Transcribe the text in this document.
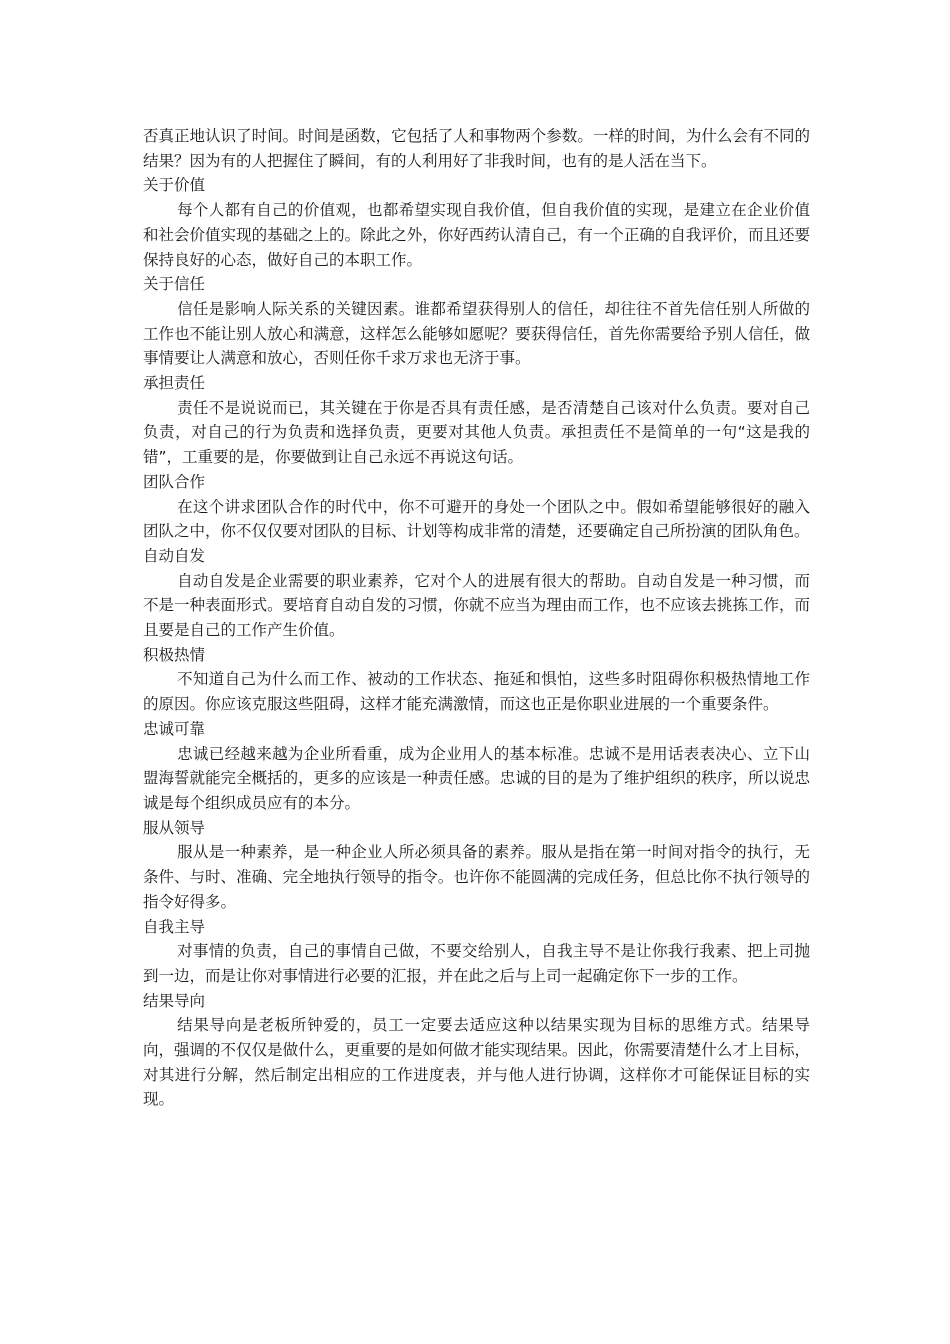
否真正地认识了时间。时间是函数，它包括了人和事物两个参数。一样的时间，为什么会有不同的结果？因为有的人把握住了瞬间，有的人利用好了非我时间，也有的是人活在当下。

关于价值

每个人都有自己的价值观，也都希望实现自我价值，但自我价值的实现，是建立在企业价值和社会价值实现的基础之上的。除此之外，你好西药认清自己，有一个正确的自我评价，而且还要保持良好的心态，做好自己的本职工作。

关于信任

信任是影响人际关系的关键因素。谁都希望获得别人的信任，却往往不首先信任别人所做的工作也不能让别人放心和满意，这样怎么能够如愿呢？要获得信任，首先你需要给予别人信任，做事情要让人满意和放心，否则任你千求万求也无济于事。

承担责任

责任不是说说而已，其关键在于你是否具有责任感，是否清楚自己该对什么负责。要对自己负责，对自己的行为负责和选择负责，更要对其他人负责。承担责任不是简单的一句“这是我的错”，工重要的是，你要做到让自己永远不再说这句话。

团队合作

在这个讲求团队合作的时代中，你不可避开的身处一个团队之中。假如希望能够很好的融入团队之中，你不仅仅要对团队的目标、计划等构成非常的清楚，还要确定自己所扮演的团队角色。

自动自发

自动自发是企业需要的职业素养，它对个人的进展有很大的帮助。自动自发是一种习惯，而不是一种表面形式。要培育自动自发的习惯，你就不应当为理由而工作，也不应该去挑拣工作，而且要是自己的工作产生价值。

积极热情

不知道自己为什么而工作、被动的工作状态、拖延和惧怕，这些多时阻碍你积极热情地工作的原因。你应该克服这些阻碍，这样才能充满激情，而这也正是你职业进展的一个重要条件。

忠诚可靠

忠诚已经越来越为企业所看重，成为企业用人的基本标准。忠诚不是用话表表决心、立下山盟海誓就能完全概括的，更多的应该是一种责任感。忠诚的目的是为了维护组织的秩序，所以说忠诚是每个组织成员应有的本分。

服从领导

服从是一种素养，是一种企业人所必须具备的素养。服从是指在第一时间对指令的执行，无条件、与时、准确、完全地执行领导的指令。也许你不能圆满的完成任务，但总比你不执行领导的指令好得多。

自我主导

对事情的负责，自己的事情自己做，不要交给别人，自我主导不是让你我行我素、把上司抛到一边，而是让你对事情进行必要的汇报，并在此之后与上司一起确定你下一步的工作。

结果导向

结果导向是老板所钟爱的，员工一定要去适应这种以结果实现为目标的思维方式。结果导向，强调的不仅仅是做什么，更重要的是如何做才能实现结果。因此，你需要清楚什么才上目标，对其进行分解，然后制定出相应的工作进度表，并与他人进行协调，这样你才可能保证目标的实现。
